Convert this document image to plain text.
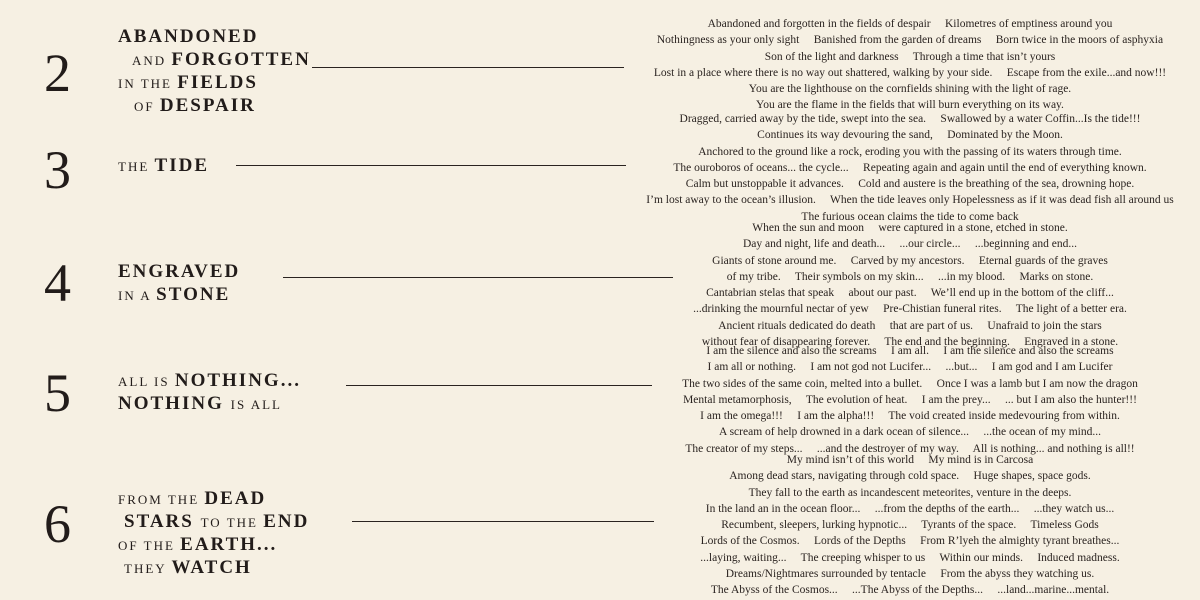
2
ABANDONED
AND FORGOTTEN
IN THE FIELDS
OF DESPAIR
Abandoned and forgotten in the fields of despair     Kilometres of emptiness around you
Nothingness as your only sight     Banished from the garden of dreams     Born twice in the moors of asphyxia
Son of the light and darkness     Through a time that isn’t yours
Lost in a place where there is no way out shattered, walking by your side.     Escape from the exile...and now!!!
You are the lighthouse on the cornfields shining with the light of rage.
You are the flame in the fields that will burn everything on its way.
3	THE TIDE
Dragged, carried away by the tide, swept into the sea.     Swallowed by a water Coffin...Is the tide!!!
Continues its way devouring the sand,     Dominated by the Moon.
Anchored to the ground like a rock, eroding you with the passing of its waters through time.
The ouroboros of oceans... the cycle...     Repeating again and again until the end of everything known.
Calm but unstoppable it advances.     Cold and austere is the breathing of the sea, drowning hope.
I’m lost away to the ocean’s illusion.     When the tide leaves only Hopelessness as if it was dead fish all around us
The furious ocean claims the tide to come back
4 ENGRAVED
IN A STONE
When the sun and moon     were captured in a stone, etched in stone.
Day and night, life and death...     ...our circle...     ...beginning and end...
Giants of stone around me.     Carved by my ancestors.     Eternal guards of the graves
of my tribe.     Their symbols on my skin...     ...in my blood.     Marks on stone.
Cantabrian stelas that speak     about our past.     We’ll end up in the bottom of the cliff...
...drinking the mournful nectar of yew     Pre-Chistian funeral rites.     The light of a better era.
Ancient rituals dedicated do death     that are part of us.     Unafraid to join the stars
without fear of disappearing forever.     The end and the beginning.     Engraved in a stone.
5	ALL IS NOTHING...
NOTHING IS ALL
I am the silence and also the screams     I am all.     I am the silence and also the screams
I am all or nothing.     I am not god not Lucifer...     ...but...     I am god and I am Lucifer
The two sides of the same coin, melted into a bullet.     Once I was a lamb but I am now the dragon
Mental metamorphosis,     The evolution of heat.     I am the prey...     ... but I am also the hunter!!!
I am the omega!!!     I am the alpha!!!     The void created inside medevouring from within.
A scream of help drowned in a dark ocean of silence...     ...the ocean of my mind...
The creator of my steps...     ...and the destroyer of my way.     All is nothing... and nothing is all!!
6	FROM THE DEAD
STARS TO THE END
OF THE EARTH...
THEY WATCH
My mind isn’t of this world     My mind is in Carcosa
Among dead stars, navigating through cold space.     Huge shapes, space gods.
They fall to the earth as incandescent meteorites, venture in the deeps.
In the land an in the ocean floor...     ...from the depths of the earth...     ...they watch us...
Recumbent, sleepers, lurking hypnotic...     Tyrants of the space.     Timeless Gods
Lords of the Cosmos.     Lords of the Depths     From R’lyeh the almighty tyrant breathes...
...laying, waiting...     The creeping whisper to us     Within our minds.     Induced madness.
Dreams/Nightmares surrounded by tentacle     From the abyss they watching us.
The Abyss of the Cosmos...     ...The Abyss of the Depths...     ...land...marine...mental.
